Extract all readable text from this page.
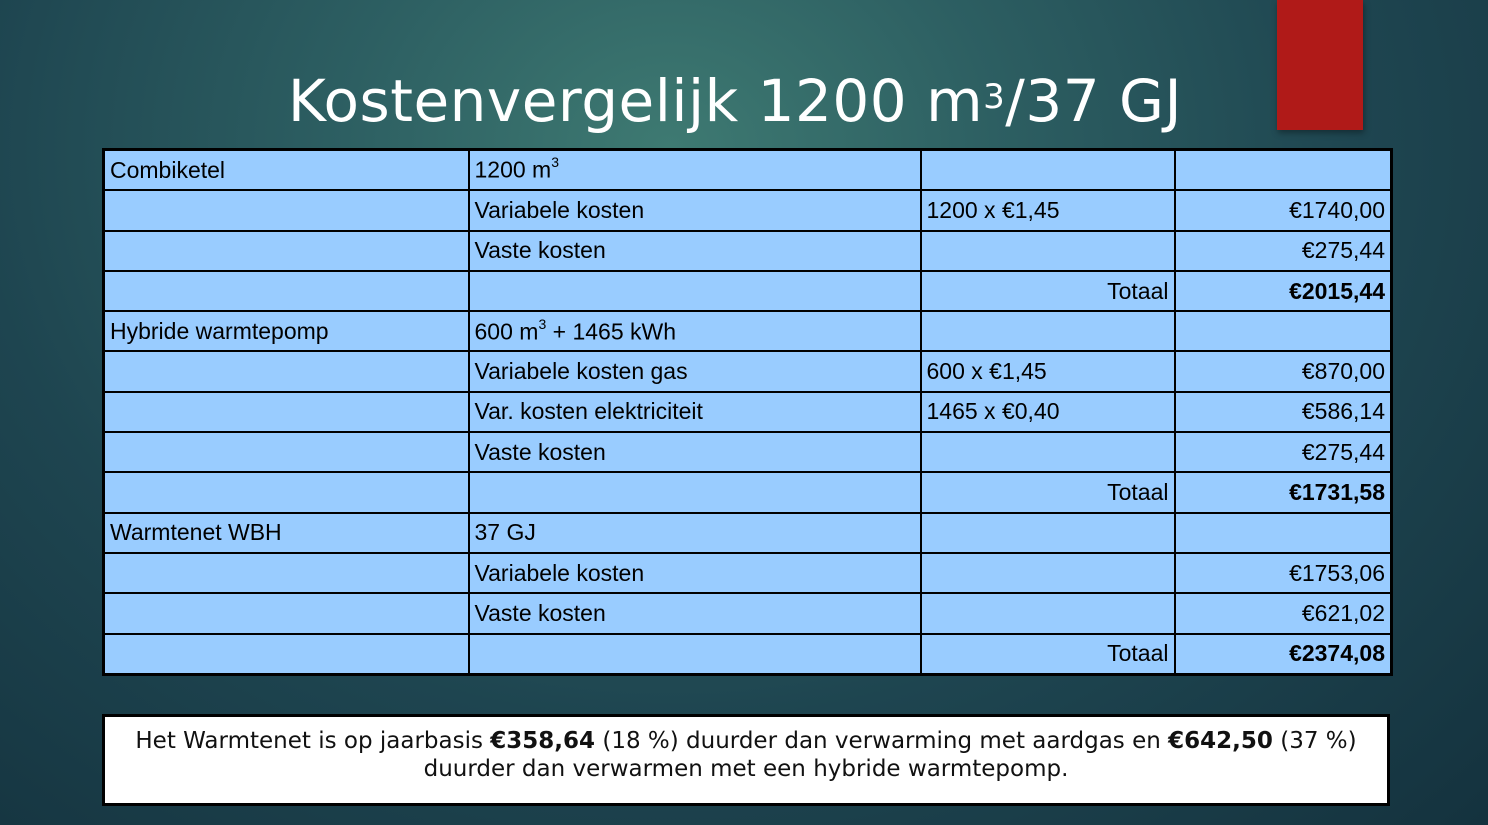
Kostenvergelijk 1200 $m^3/37$ GJ
Combiketel	1200 $m^3$		
	Variabele kosten	1200 x €1,45	€1740,00
	Vaste kosten		€275,44
		Totaal	€2015,44
Hybride warmtepomp	600 $m^3 + 1465$ kWh		
	Variabele kosten gas	600 x €1,45	€870,00
	Var. kosten elektriciteit	1465 x €0,40	€586,14
	Vaste kosten		€275,44
		Totaal	€1731,58
Warmtenet WBH	37 GJ		
	Variabele kosten		€1753,06
	Vaste kosten		€621,02
		Totaal	€2374,08
Het Warmtenet is op jaarbasis €358,64 (18 %) duurder dan verwarming met aardgas en €642,50 (37 %) duurder dan verwarmen met een hybride warmtepomp.
